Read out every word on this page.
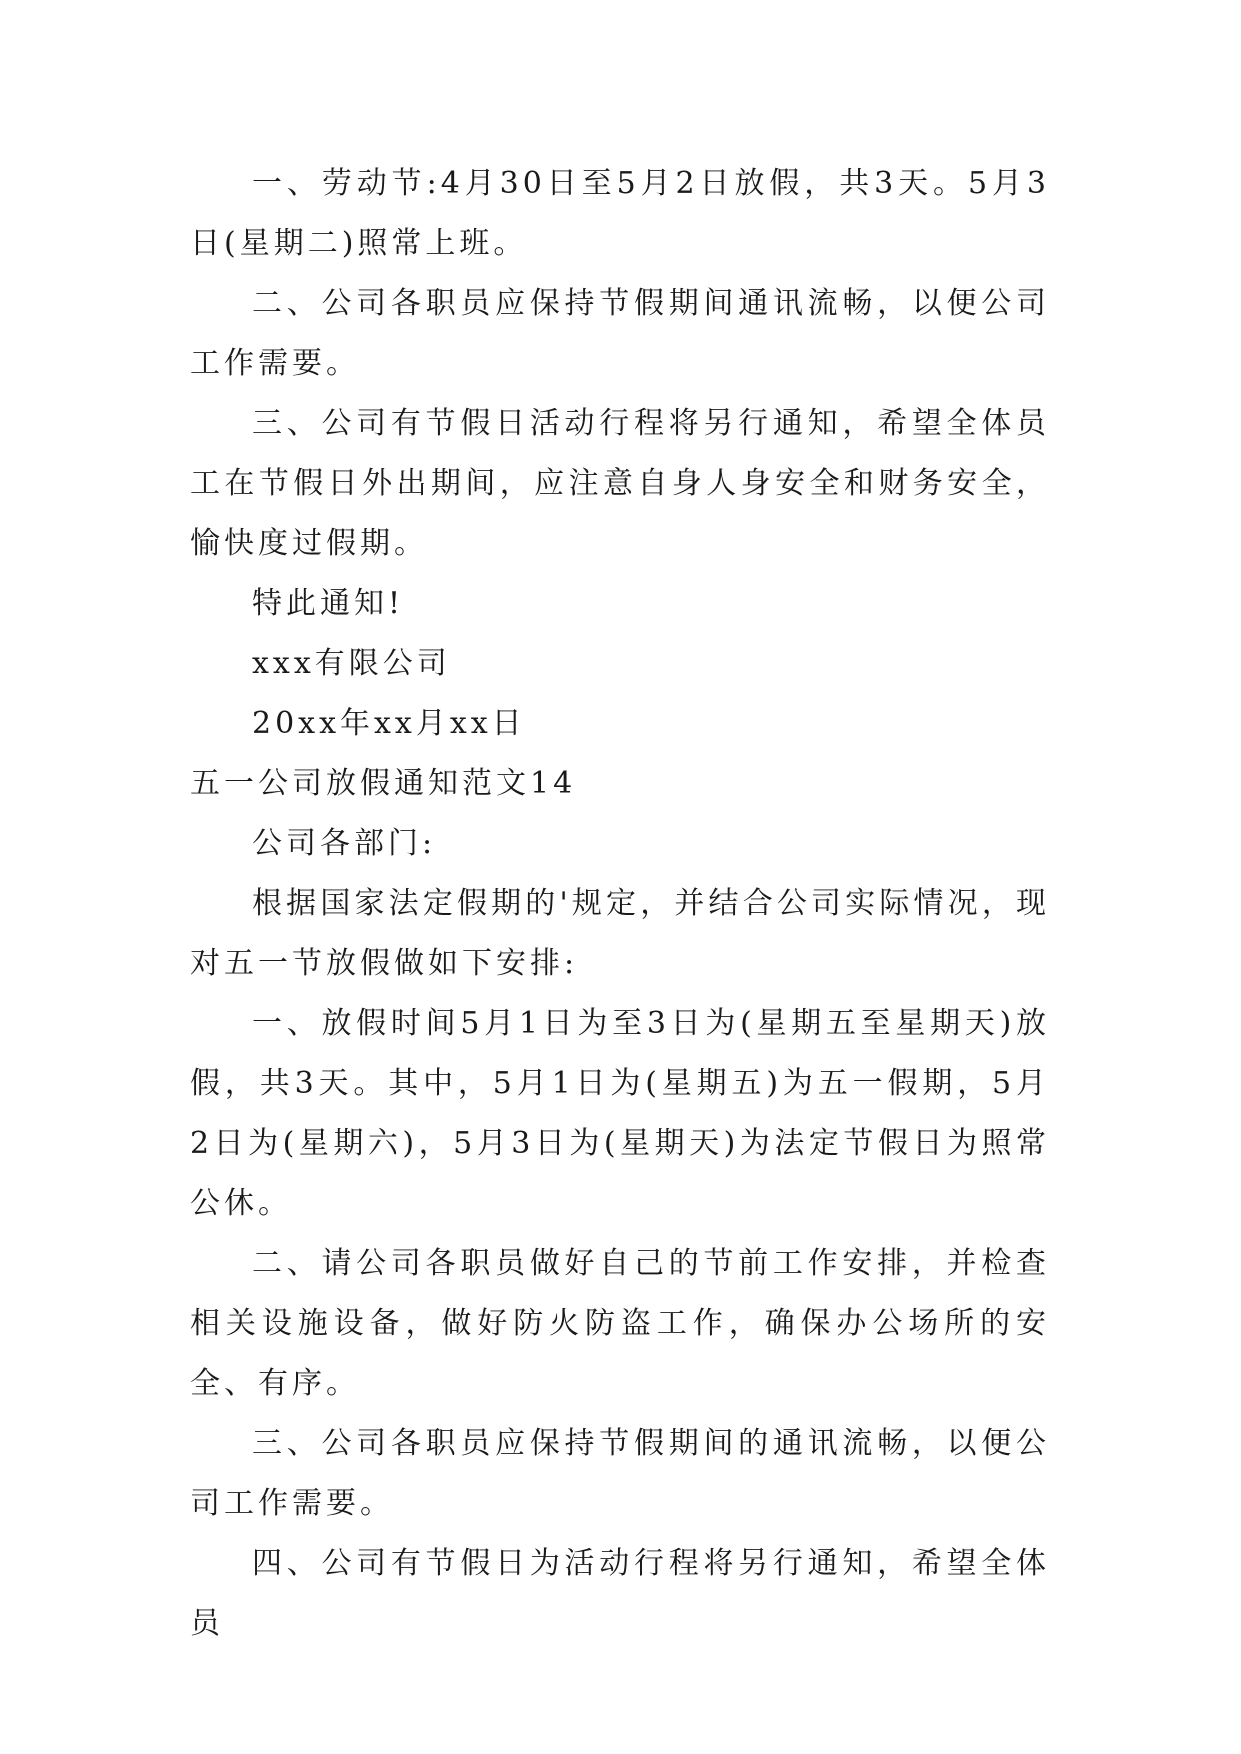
一、劳动节:4月30日至5月2日放假，共3天。5月3日(星期二)照常上班。

二、公司各职员应保持节假期间通讯流畅，以便公司工作需要。

三、公司有节假日活动行程将另行通知，希望全体员工在节假日外出期间，应注意自身人身安全和财务安全，愉快度过假期。

特此通知!

xxx有限公司

20xx年xx月xx日

五一公司放假通知范文14

公司各部门:

根据国家法定假期的'规定，并结合公司实际情况，现对五一节放假做如下安排:

一、放假时间5月1日为至3日为(星期五至星期天)放假，共3天。其中，5月1日为(星期五)为五一假期，5月2日为(星期六)，5月3日为(星期天)为法定节假日为照常公休。

二、请公司各职员做好自己的节前工作安排，并检查相关设施设备，做好防火防盗工作，确保办公场所的安全、有序。

三、公司各职员应保持节假期间的通讯流畅，以便公司工作需要。

四、公司有节假日为活动行程将另行通知，希望全体员
